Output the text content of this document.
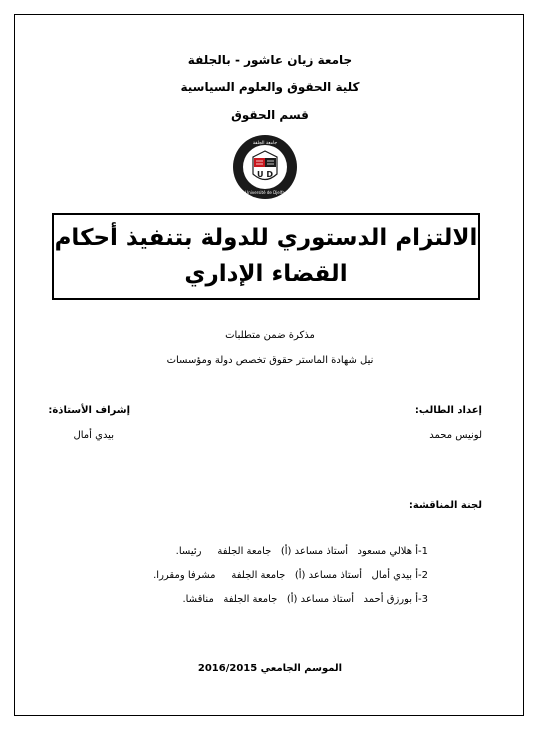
جامعة زيان عاشور - بالجلفة
كلية الحقوق والعلوم السياسية
قسم الحقوق
U D
جامعة الجلفة
Université de Djelfa
الالتزام الدستوري للدولة بتنفيذ أحكام
القضاء الإداري
مذكرة ضمن متطلبات
نيل شهادة الماستر حقوق تخصص دولة ومؤسسات
إعداد الطالب:
إشراف الأستاذة:
لونيس محمد
بيدي أمال
لجنة المناقشة:
1-أ هلالي مسعود   أستاذ مساعد (أ)   جامعة الجلفة     رئيسا.
2-أ بيدي أمال   أستاذ مساعد (أ)   جامعة الجلفة     مشرفا ومقررا.
3-أ بورزق أحمد   أستاذ مساعد (أ)   جامعة الجلفة   مناقشا.
الموسم الجامعي 2016/2015
